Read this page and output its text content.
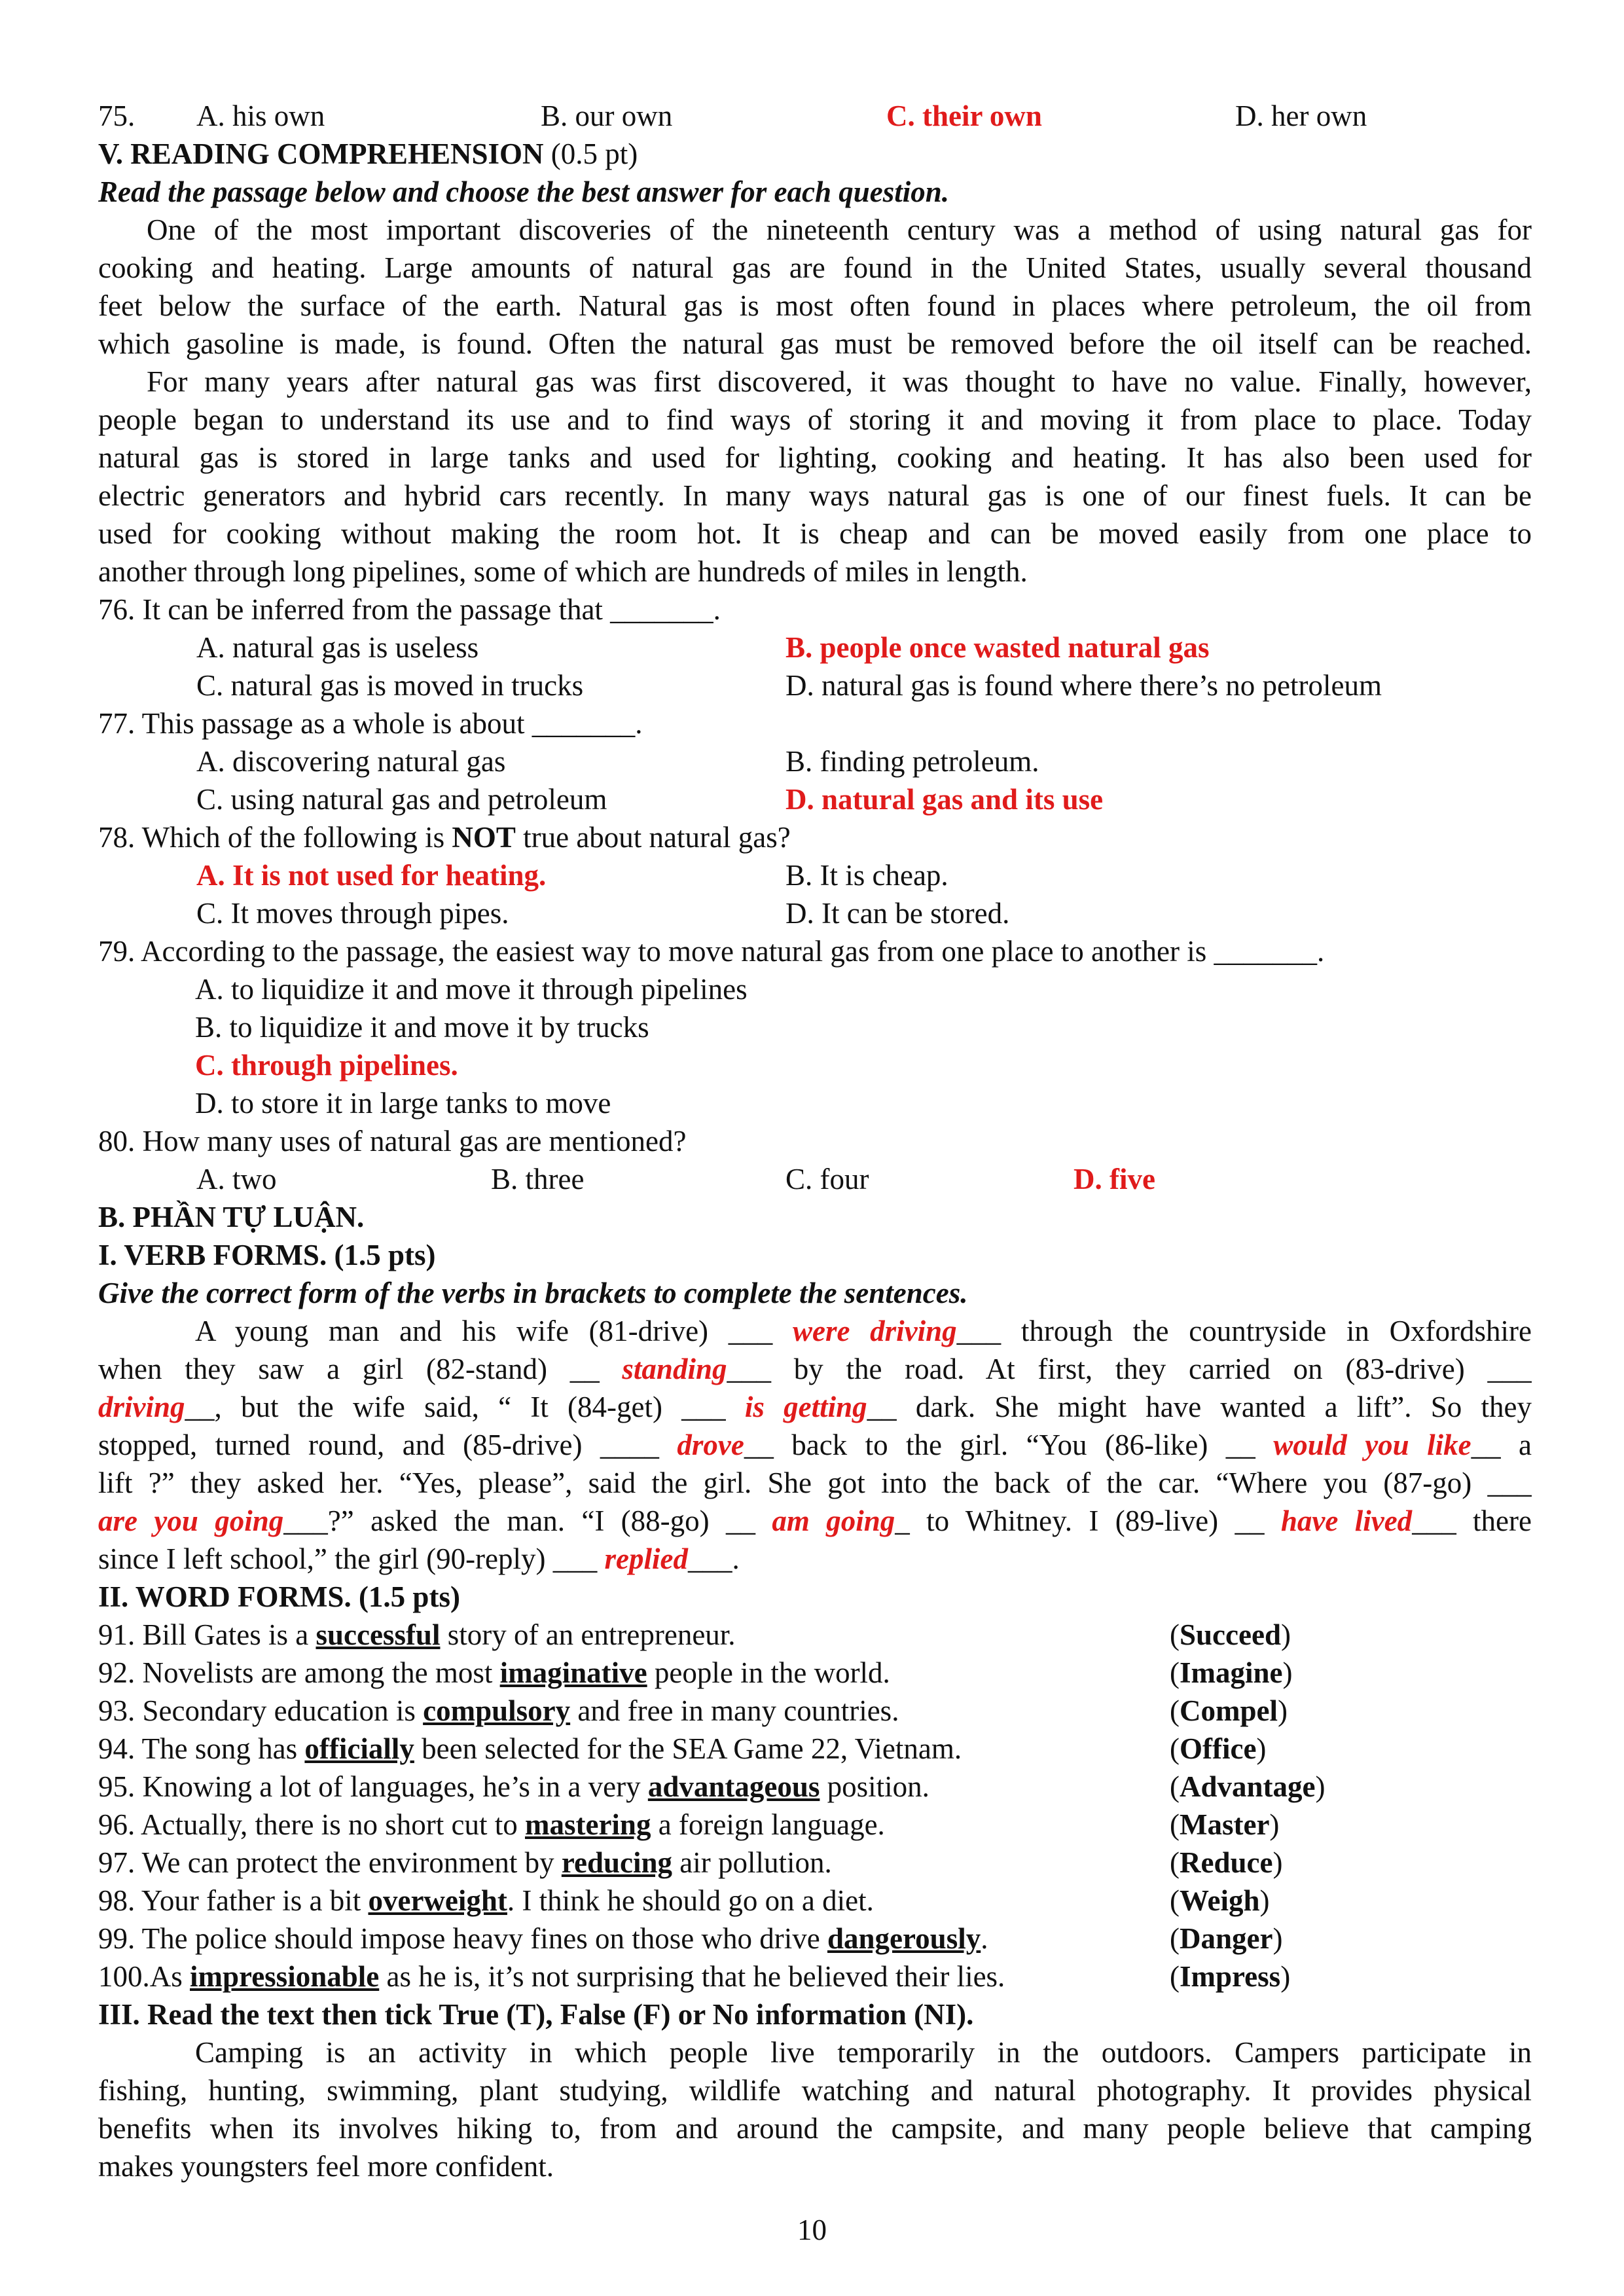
75. A. his own	B. our own	C. their own	D. her own
V. READING COMPREHENSION (0.5 pt)
Read the passage below and choose the best answer for each question.
One of the most important discoveries of the nineteenth century was a method of using natural gas for
cooking and heating. Large amounts of natural gas are found in the United States, usually several thousand
feet below the surface of the earth. Natural gas is most often found in places where petroleum, the oil from
which gasoline is made, is found. Often the natural gas must be removed before the oil itself can be reached.
For many years after natural gas was first discovered, it was thought to have no value. Finally, however,
people began to understand its use and to find ways of storing it and moving it from place to place. Today
natural gas is stored in large tanks and used for lighting, cooking and heating. It has also been used for
electric generators and hybrid cars recently. In many ways natural gas is one of our finest fuels. It can be
used for cooking without making the room hot. It is cheap and can be moved easily from one place to
another through long pipelines, some of which are hundreds of miles in length.
76. It can be inferred from the passage that _______.
A. natural gas is useless	B. people once wasted natural gas
C. natural gas is moved in trucks	D. natural gas is found where there’s no petroleum
77. This passage as a whole is about _______.
A. discovering natural gas	B. finding petroleum.
C. using natural gas and petroleum	D. natural gas and its use
78. Which of the following is NOT true about natural gas?
A. It is not used for heating.	B. It is cheap.
C. It moves through pipes.	D. It can be stored.
79. According to the passage, the easiest way to move natural gas from one place to another is _______.
A. to liquidize it and move it through pipelines
B. to liquidize it and move it by trucks
C. through pipelines.
D. to store it in large tanks to move
80. How many uses of natural gas are mentioned?
A. two	B. three	C. four	D. five
B. PHẦN TỰ LUẬN.
I. VERB FORMS. (1.5 pts)
Give the correct form of the verbs in brackets to complete the sentences.
A young man and his wife (81-drive) ___ were driving___ through the countryside in Oxfordshire
when they saw a girl (82-stand) __ standing___ by the road. At first, they carried on (83-drive) ___
driving__, but the wife said, “ It (84-get) ___ is getting__ dark. She might have wanted a lift”. So they
stopped, turned round, and (85-drive) ____ drove__ back to the girl. “You (86-like) __ would you like__ a
lift ?” they asked her. “Yes, please”, said the girl. She got into the back of the car. “Where you (87-go) ___
are you going___?” asked the man. “I (88-go) __ am going_ to Whitney. I (89-live) __ have lived___ there
since I left school,” the girl (90-reply) ___ replied___.
II. WORD FORMS. (1.5 pts)
91. Bill Gates is a successful story of an entrepreneur.	(Succeed)
92. Novelists are among the most imaginative people in the world.	(Imagine)
93. Secondary education is compulsory and free in many countries.	(Compel)
94. The song has officially been selected for the SEA Game 22, Vietnam.	(Office)
95. Knowing a lot of languages, he’s in a very advantageous position.	(Advantage)
96. Actually, there is no short cut to mastering a foreign language.	(Master)
97. We can protect the environment by reducing air pollution.	(Reduce)
98. Your father is a bit overweight. I think he should go on a diet.	(Weigh)
99. The police should impose heavy fines on those who drive dangerously.	(Danger)
100.As impressionable as he is, it’s not surprising that he believed their lies.	(Impress)
III. Read the text then tick True (T), False (F) or No information (NI).
Camping is an activity in which people live temporarily in the outdoors. Campers participate in
fishing, hunting, swimming, plant studying, wildlife watching and natural photography. It provides physical
benefits when its involves hiking to, from and around the campsite, and many people believe that camping
makes youngsters feel more confident.
10
